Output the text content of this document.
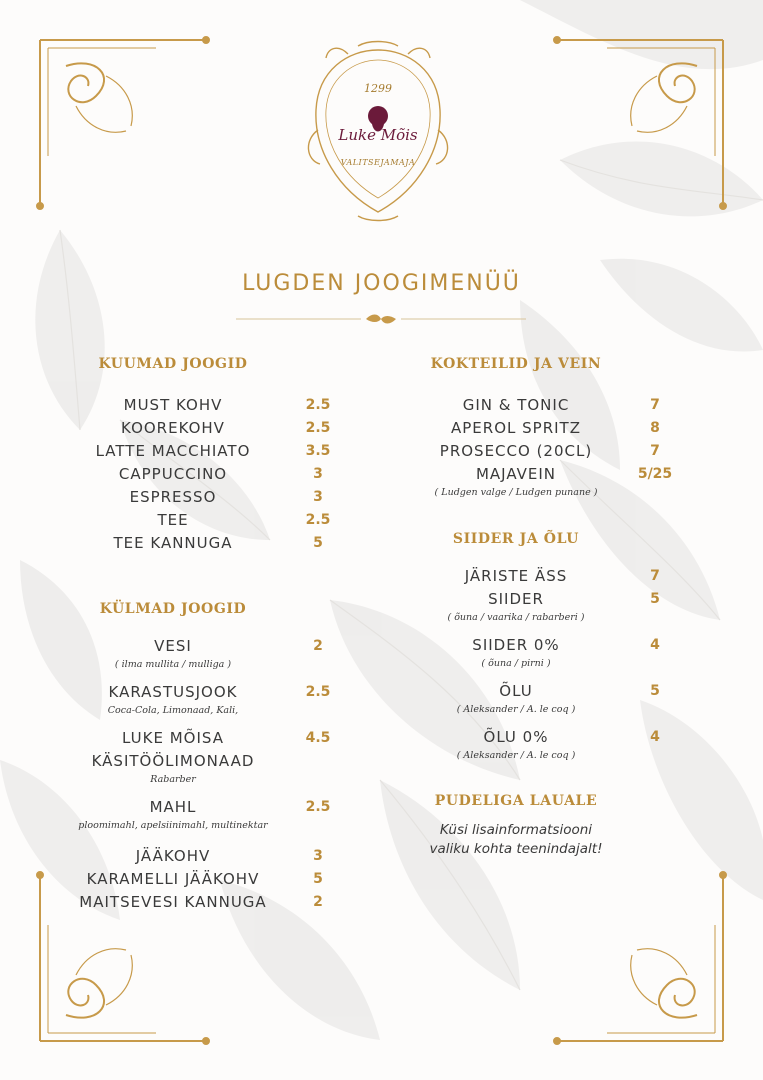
1299
Luke Mõis
VALITSEJAMAJA
LUGDEN JOOGIMENÜÜ
KUUMAD JOOGID
MUST KOHV	2.5
KOOREKOHV	2.5
LATTE MACCHIATO	3.5
CAPPUCCINO	3
ESPRESSO	3
TEE	2.5
TEE KANNUGA	5
KÜLMAD JOOGID
VESI	2
( ilma mullita / mulliga )
KARASTUSJOOK	2.5
Coca-Cola, Limonaad, Kali,
LUKE MÕISA	4.5
KÄSITÖÖLIMONAAD
Rabarber
MAHL	2.5
ploomimahl, apelsiinimahl, multinektar
JÄÄKOHV	3
KARAMELLI JÄÄKOHV	5
MAITSEVESI KANNUGA	2
KOKTEILID JA VEIN
GIN & TONIC	7
APEROL SPRITZ	8
PROSECCO (20CL)	7
MAJAVEIN	5/25
( Ludgen valge / Ludgen punane )
SIIDER JA ÕLU
JÄRISTE ÄSS	7
SIIDER	5
( õuna / vaarika / rabarberi )
SIIDER 0%	4
( õuna / pirni )
ÕLU	5
( Aleksander / A. le coq )
ÕLU 0%	4
( Aleksander / A. le coq )
PUDELIGA LAUALE
Küsi lisainformatsiooni
valiku kohta teenindajalt!
